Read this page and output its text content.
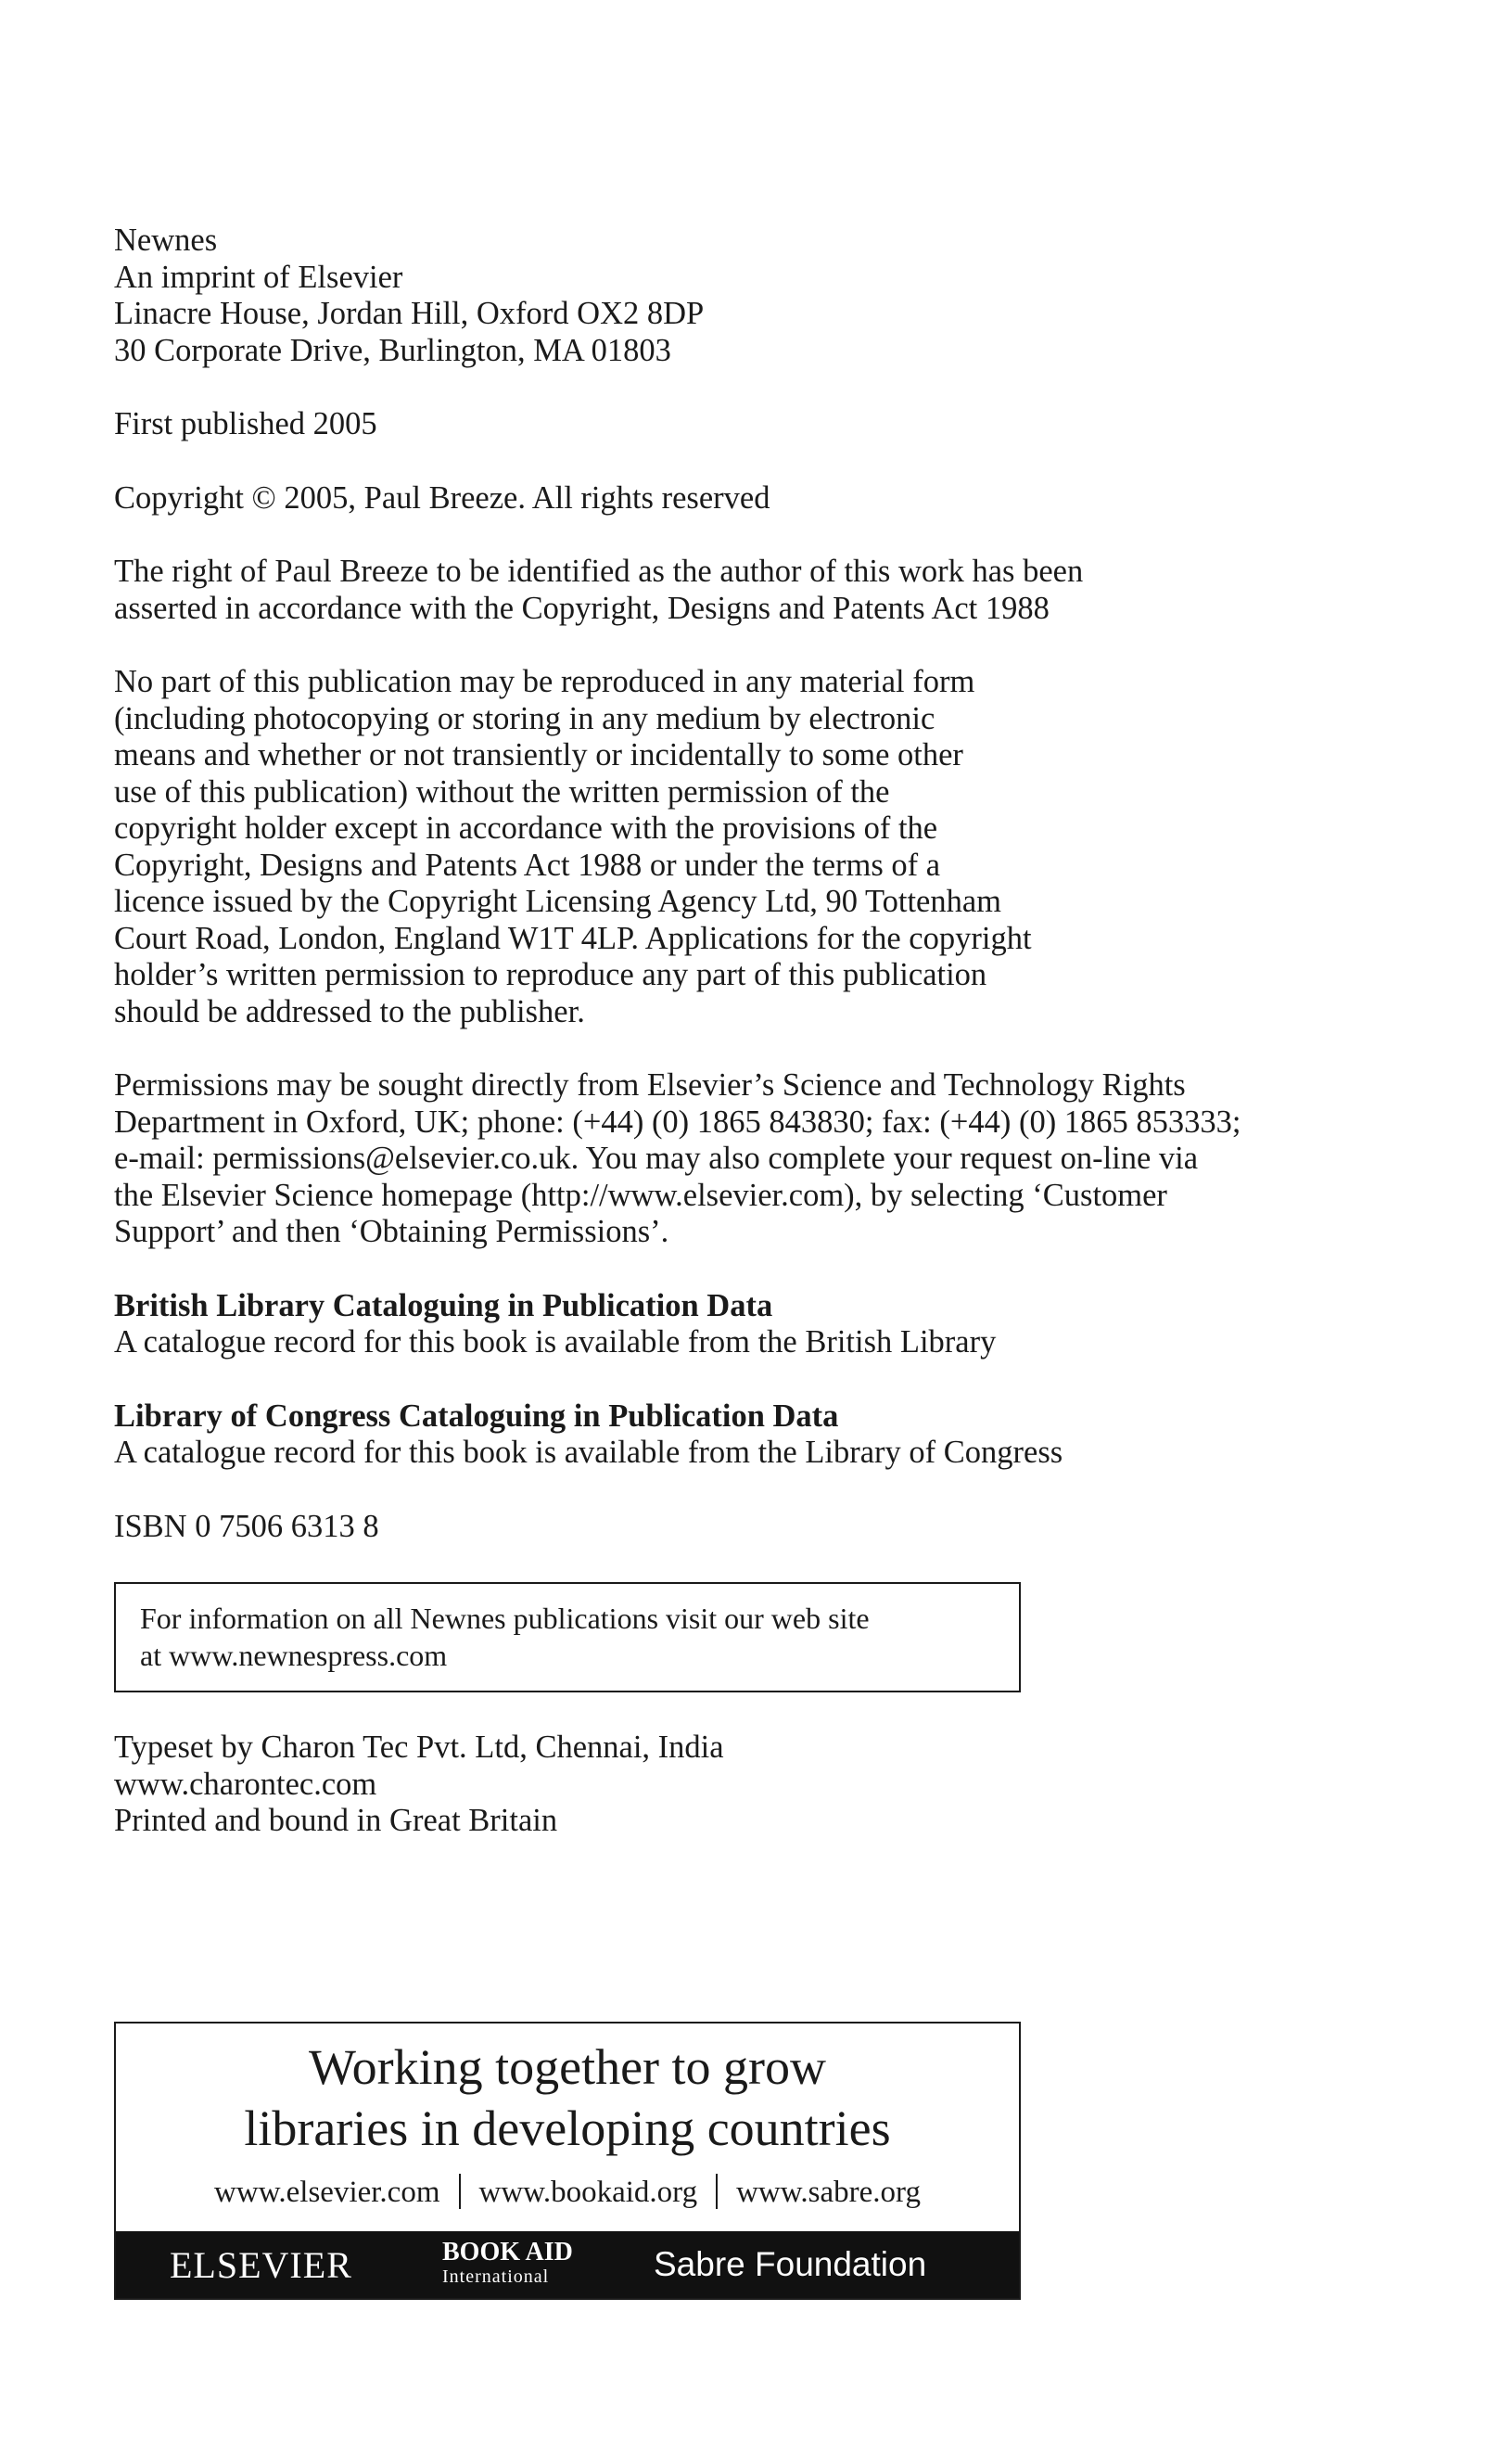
Newnes
An imprint of Elsevier
Linacre House, Jordan Hill, Oxford OX2 8DP
30 Corporate Drive, Burlington, MA 01803
First published 2005
Copyright © 2005, Paul Breeze. All rights reserved
The right of Paul Breeze to be identified as the author of this work has been
asserted in accordance with the Copyright, Designs and Patents Act 1988
No part of this publication may be reproduced in any material form
(including photocopying or storing in any medium by electronic
means and whether or not transiently or incidentally to some other
use of this publication) without the written permission of the
copyright holder except in accordance with the provisions of the
Copyright, Designs and Patents Act 1988 or under the terms of a
licence issued by the Copyright Licensing Agency Ltd, 90 Tottenham
Court Road, London, England W1T 4LP. Applications for the copyright
holder’s written permission to reproduce any part of this publication
should be addressed to the publisher.
Permissions may be sought directly from Elsevier’s Science and Technology Rights
Department in Oxford, UK; phone: (+44) (0) 1865 843830; fax: (+44) (0) 1865 853333;
e-mail: permissions@elsevier.co.uk. You may also complete your request on-line via
the Elsevier Science homepage (http://www.elsevier.com), by selecting ‘Customer
Support’ and then ‘Obtaining Permissions’.
British Library Cataloguing in Publication Data
A catalogue record for this book is available from the British Library
Library of Congress Cataloguing in Publication Data
A catalogue record for this book is available from the Library of Congress
ISBN 0 7506 6313 8
For information on all Newnes publications visit our web site
at www.newnespress.com
Typeset by Charon Tec Pvt. Ltd, Chennai, India
www.charontec.com
Printed and bound in Great Britain
Working together to grow
libraries in developing countries
www.elsevier.com www.bookaid.org www.sabre.org
ELSEVIER	BOOK AID
International	Sabre Foundation
